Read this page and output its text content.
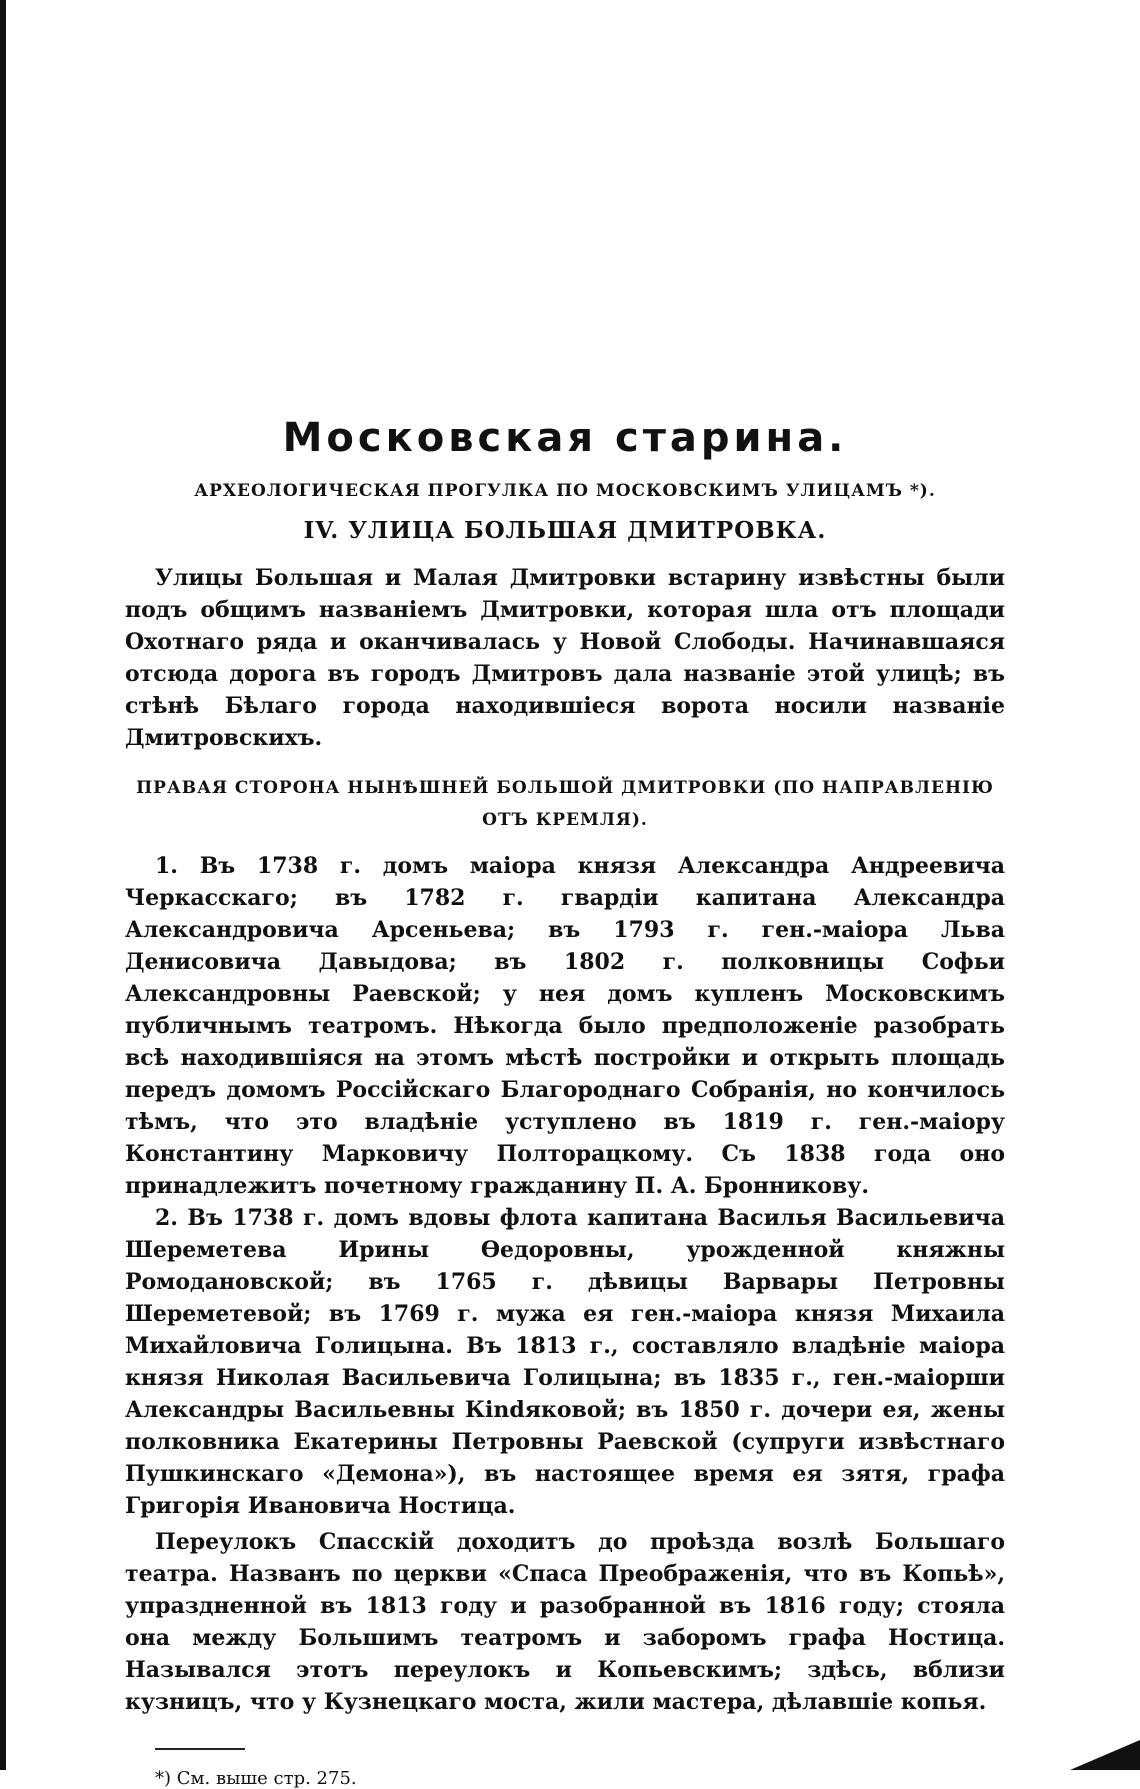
Московская старина.
АРХЕОЛОГИЧЕСКАЯ ПРОГУЛКА ПО МОСКОВСКИМЪ УЛИЦАМЪ *).
IV. УЛИЦА БОЛЬШАЯ ДМИТРОВКА.

Улицы Большая и Малая Дмитровки встарину извѣстны были подъ общимъ названіемъ Дмитровки, которая шла отъ площади Охотнаго ряда и оканчивалась у Новой Слободы. Начинавшаяся отсюда дорога въ городъ Дмитровъ дала названіе этой улицѣ; въ стѣнѣ Бѣлаго города находившіеся ворота носили названіе Дмитровскихъ.

ПРАВАЯ СТОРОНА НЫНѢШНЕЙ БОЛЬШОЙ ДМИТРОВКИ (ПО НАПРАВЛЕНІЮ ОТЪ КРЕМЛЯ).

1. Въ 1738 г. домъ маіора князя Александра Андреевича Черкасскаго; въ 1782 г. гвардіи капитана Александра Александровича Арсеньева; въ 1793 г. ген.-маіора Льва Денисовича Давыдова; въ 1802 г. полковницы Софьи Александровны Раевской; у нея домъ купленъ Московскимъ публичнымъ театромъ. Нѣкогда было предположеніе разобрать всѣ находившіяся на этомъ мѣстѣ постройки и открыть площадь передъ домомъ Россійскаго Благороднаго Собранія, но кончилось тѣмъ, что это владѣніе уступлено въ 1819 г. ген.-маіору Константину Марковичу Полторацкому. Съ 1838 года оно принадлежитъ почетному гражданину П. А. Бронникову.

2. Въ 1738 г. домъ вдовы флота капитана Василья Васильевича Шереметева Ирины Ѳедоровны, урожденной княжны Ромодановской; въ 1765 г. дѣвицы Варвары Петровны Шереметевой; въ 1769 г. мужа ея ген.-маіора князя Михаила Михайловича Голицына. Въ 1813 г., составляло владѣніе маіора князя Николая Васильевича Голицына; въ 1835 г., ген.-маіорши Александры Васильевны Кindяковой; въ 1850 г. дочери ея, жены полковника Екатерины Петровны Раевской (супруги извѣстнаго Пушкинскаго «Демона»), въ настоящее время ея зятя, графа Григорія Ивановича Ностица.

Переулокъ Спасскій доходитъ до проѣзда возлѣ Большаго театра. Названъ по церкви «Спаса Преображенія, что въ Копьѣ», упраздненной въ 1813 году и разобранной въ 1816 году; стояла она между Большимъ театромъ и заборомъ графа Ностица. Назывался этотъ переулокъ и Копьевскимъ; здѣсь, вблизи кузницъ, что у Кузнецкаго моста, жили мастера, дѣлавшіе копья.

*) См. выше стр. 275.
